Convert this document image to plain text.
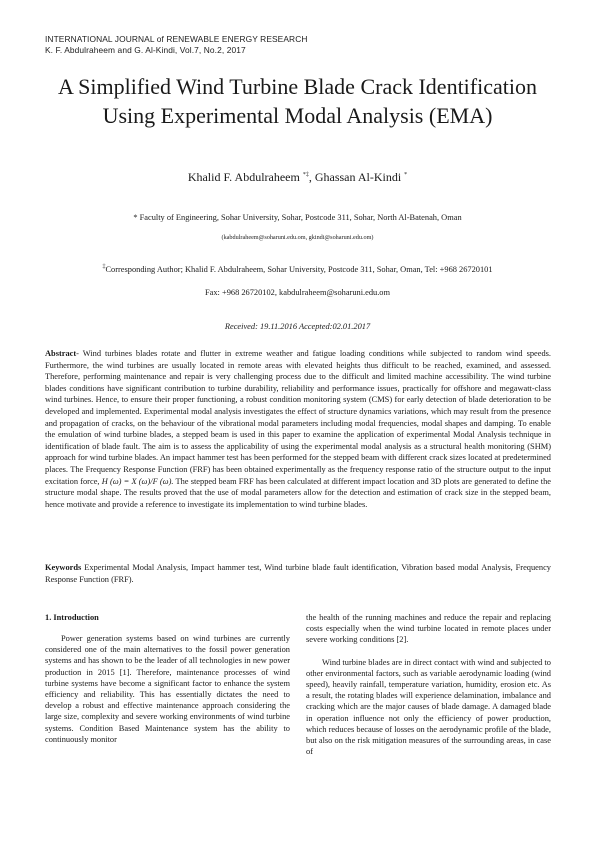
INTERNATIONAL JOURNAL of RENEWABLE ENERGY RESEARCH
K. F. Abdulraheem and G. Al-Kindi, Vol.7, No.2, 2017
A Simplified Wind Turbine Blade Crack Identification Using Experimental Modal Analysis (EMA)
Khalid F. Abdulraheem *‡, Ghassan Al-Kindi *
* Faculty of Engineering, Sohar University, Sohar, Postcode 311, Sohar, North Al-Batenah, Oman
(kabdulraheem@soharuni.edu.om, gkindi@soharuni.edu.om)
‡Corresponding Author; Khalid F. Abdulraheem, Sohar University, Postcode 311, Sohar, Oman, Tel: +968 26720101
Fax: +968 26720102, kabdulraheem@soharuni.edu.om
Received: 19.11.2016 Accepted:02.01.2017

Abstract- Wind turbines blades rotate and flutter in extreme weather and fatigue loading conditions while subjected to random wind speeds. Furthermore, the wind turbines are usually located in remote areas with elevated heights thus difficult to be reached, examined, and assessed. Therefore, performing maintenance and repair is very challenging process due to the difficult and limited machine accessibility. The wind turbine blades conditions have significant contribution to turbine durability, reliability and performance issues, practically for offshore and megawatt-class wind turbines. Hence, to ensure their proper functioning, a robust condition monitoring system (CMS) for early detection of blade deterioration to be developed and implemented. Experimental modal analysis investigates the effect of structure dynamics variations, which may result from the presence and propagation of cracks, on the behaviour of the vibrational modal parameters including modal frequencies, modal shapes and damping. To enable the emulation of wind turbine blades, a stepped beam is used in this paper to examine the application of experimental Modal Analysis technique in identification of blade fault. The aim is to assess the applicability of using the experimental modal analysis as a structural health monitoring (SHM) approach for wind turbine blades. An impact hammer test has been performed for the stepped beam with different crack sizes located at predetermined places. The Frequency Response Function (FRF) has been obtained experimentally as the frequency response ratio of the structure output to the input excitation force, H (ω) = X (ω)/F (ω). The stepped beam FRF has been calculated at different impact location and 3D plots are generated to define the structure modal shape. The results proved that the use of modal parameters allow for the detection and estimation of crack size in the stepped beam, hence motivate and provide a reference to investigate its implementation to wind turbine blades.

Keywords Experimental Modal Analysis, Impact hammer test, Wind turbine blade fault identification, Vibration based modal Analysis, Frequency Response Function (FRF).

1. Introduction

Power generation systems based on wind turbines are currently considered one of the main alternatives to the fossil power generation systems and has shown to be the leader of all technologies in new power production in 2015 [1]. Therefore, maintenance processes of wind turbine systems have become a significant factor to enhance the system efficiency and reliability. This has essentially dictates the need to develop a robust and effective maintenance approach considering the large size, complexity and severe working environments of wind turbine systems. Condition Based Maintenance system has the ability to continuously monitor

the health of the running machines and reduce the repair and replacing costs especially when the wind turbine located in remote places under severe working conditions [2].

Wind turbine blades are in direct contact with wind and subjected to other environmental factors, such as variable aerodynamic loading (wind speed), heavily rainfall, temperature variation, humidity, erosion etc. As a result, the rotating blades will experience delamination, imbalance and cracking which are the major causes of blade damage. A damaged blade in operation influence not only the efficiency of power production, which reduces because of losses on the aerodynamic profile of the blade, but also on the risk mitigation measures of the surrounding areas, in case of
